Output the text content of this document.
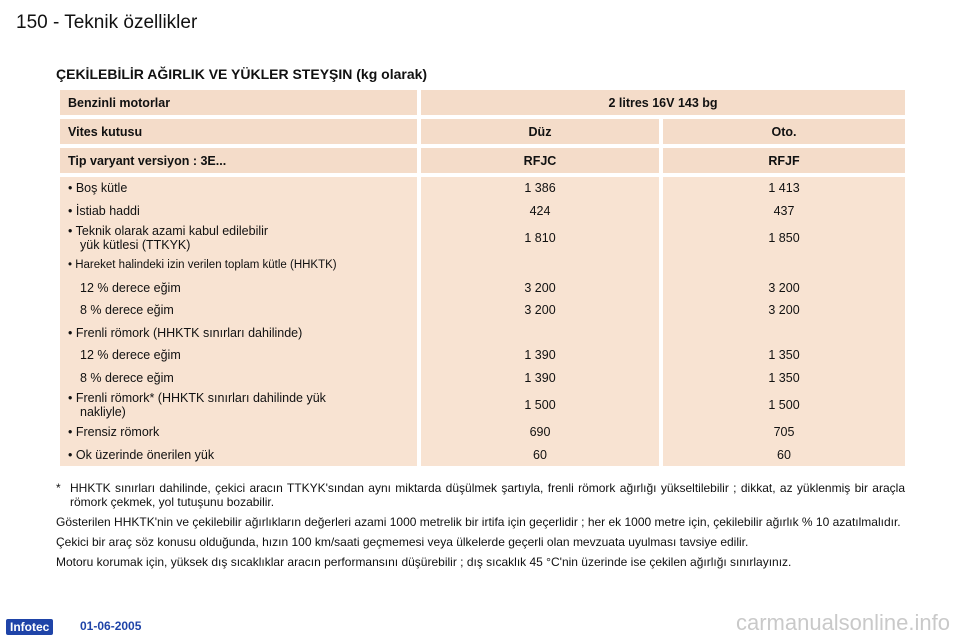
150 - Teknik özellikler
ÇEKİLEBİLİR AĞIRLIK VE YÜKLER STEYŞIN (kg olarak)
Benzinli motorlar	2 litres 16V 143 bg	

Vites kutusu	Düz	Oto.

Tip varyant versiyon : 3E...	RFJC	RFJF

• Boş kütle	1 386	1 413
• İstiab haddi	424	437
• Teknik olarak azami kabul edilebilir
yük kütlesi (TTKYK)	1 810	1 850
• Hareket halindeki izin verilen toplam kütle (HHKTK)		
12 % derece eğim	3 200	3 200
8 % derece eğim	3 200	3 200
• Frenli römork (HHKTK sınırları dahilinde)		
12 % derece eğim	1 390	1 350
8 % derece eğim	1 390	1 350
• Frenli römork* (HHKTK sınırları dahilinde yük
nakliyle)	1 500	1 500
• Frensiz römork	690	705
• Ok üzerinde önerilen yük	60	60

* HHKTK sınırları dahilinde, çekici aracın TTKYK'sından aynı miktarda düşülmek şartıyla, frenli römork ağırlığı yükseltilebilir ; dikkat, az yüklenmiş bir araçla römork çekmek, yol tutuşunu bozabilir.

Gösterilen HHKTK'nin ve çekilebilir ağırlıkların değerleri azami 1000 metrelik bir irtifa için geçerlidir ; her ek 1000 metre için, çekilebilir ağırlık % 10 azatılmalıdır.

Çekici bir araç söz konusu olduğunda, hızın 100 km/saati geçmemesi veya ülkelerde geçerli olan mevzuata uyulması tavsiye edilir.

Motoru korumak için, yüksek dış sıcaklıklar aracın performansını düşürebilir ; dış sıcaklık 45 °C'nin üzerinde ise çekilen ağırlığı sınırlayınız.

Infotec	01-06-2005	carmanualsonline.info
